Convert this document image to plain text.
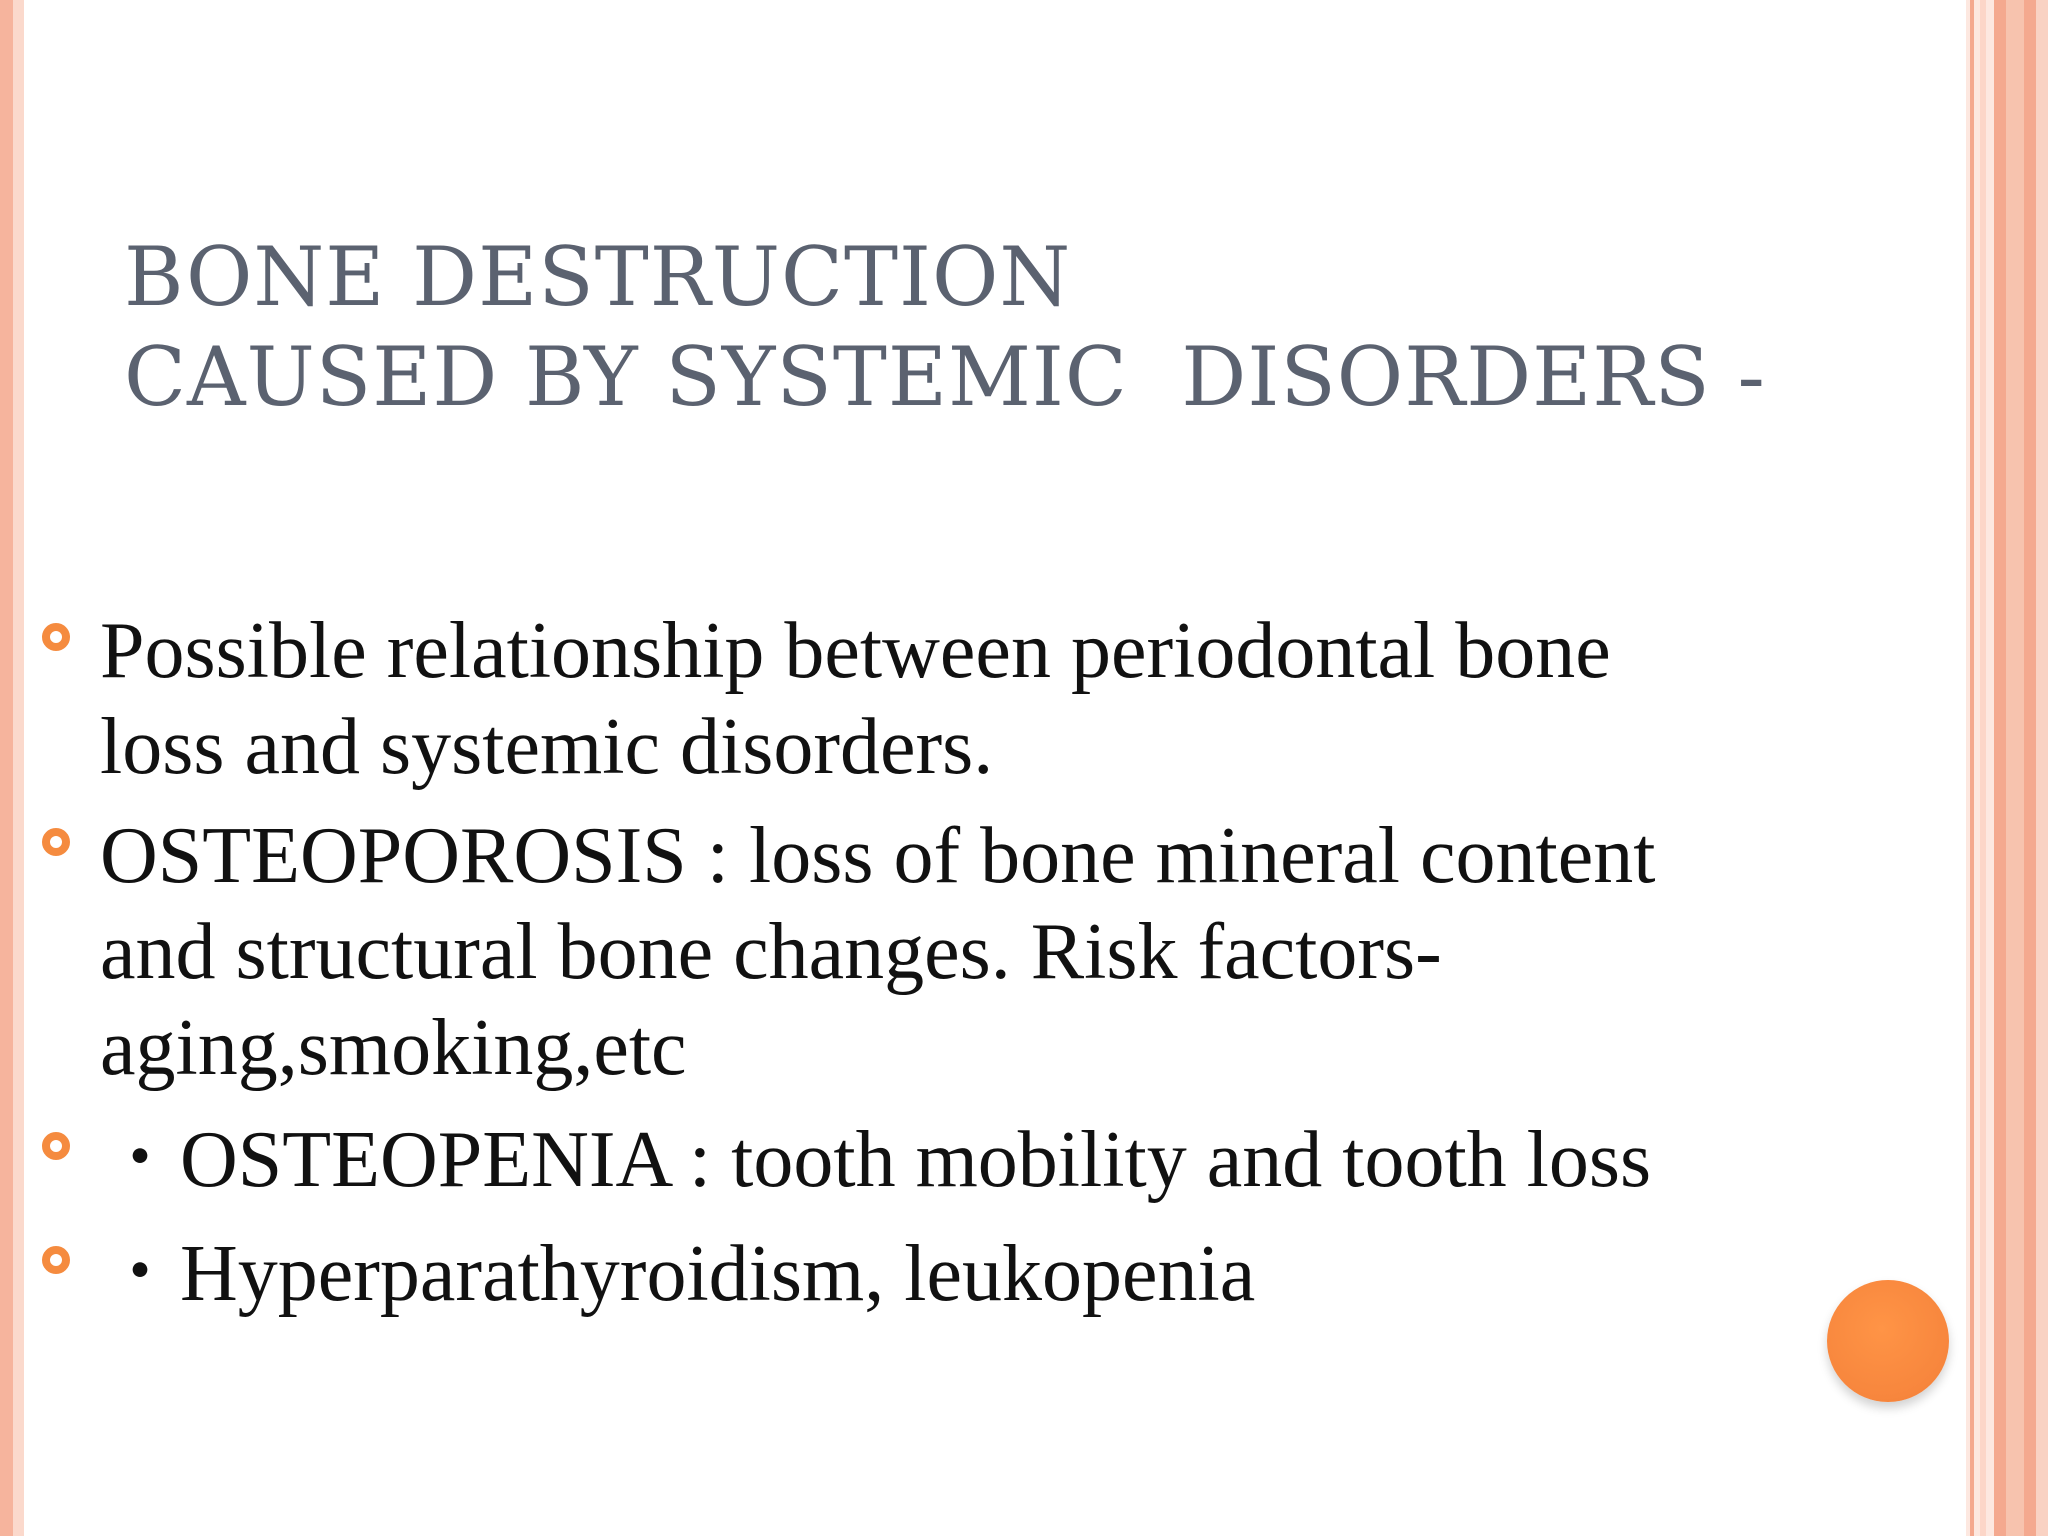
BONE DESTRUCTION
CAUSED BY SYSTEMIC  DISORDERS -
Possible relationship between periodontal bone
loss and systemic disorders.
OSTEOPOROSIS : loss of bone mineral content
and structural bone changes. Risk factors-
aging,smoking,etc
・OSTEOPENIA : tooth mobility and tooth loss
・Hyperparathyroidism, leukopenia
